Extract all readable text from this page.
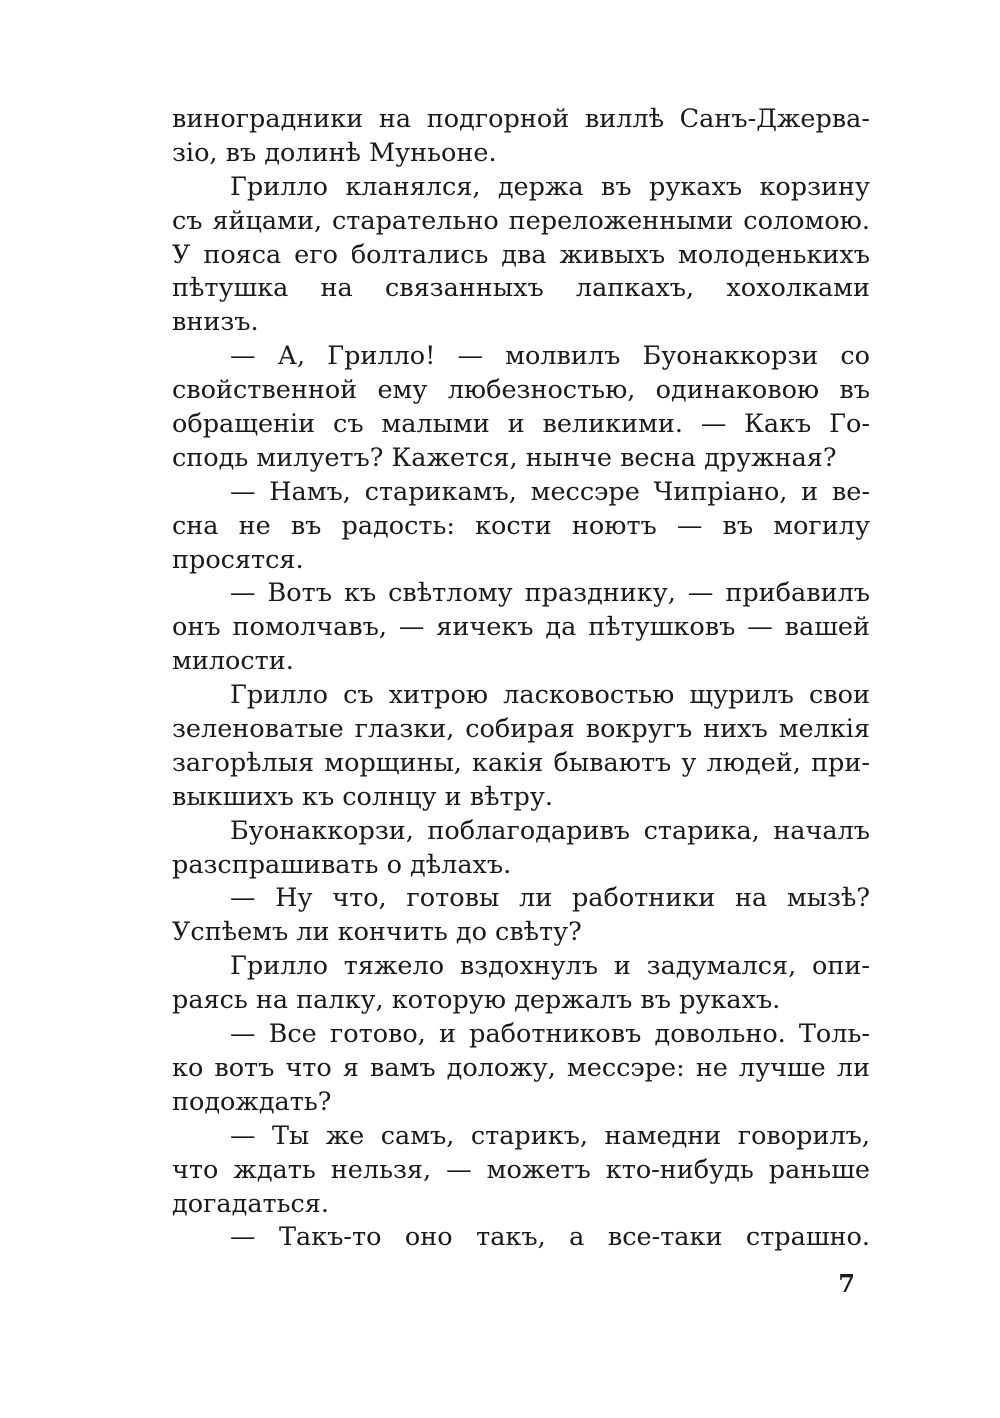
виноградники на подгорной виллѣ Санъ-Джерва-
зіо, въ долинѣ Муньоне.
Грилло кланялся, держа въ рукахъ корзину
съ яйцами, старательно переложенными соломою.
У пояса его болтались два живыхъ молоденькихъ
пѣтушка на связанныхъ лапкахъ, хохолками
внизъ.
— А, Грилло! — молвилъ Буонаккорзи со
свойственной ему любезностью, одинаковою въ
обращеніи съ малыми и великими. — Какъ Го-
сподь милуетъ? Кажется, нынче весна дружная?
— Намъ, старикамъ, мессэре Чипріано, и ве-
сна не въ радость: кости ноютъ — въ могилу
просятся.
— Вотъ къ свѣтлому празднику, — прибавилъ
онъ помолчавъ, — яичекъ да пѣтушковъ — вашей
милости.
Грилло съ хитрою ласковостью щурилъ свои
зеленоватые глазки, собирая вокругъ нихъ мелкія
загорѣлыя морщины, какія бываютъ у людей, при-
выкшихъ къ солнцу и вѣтру.
Буонаккорзи, поблагодаривъ старика, началъ
разспрашивать о дѣлахъ.
— Ну что, готовы ли работники на мызѣ?
Успѣемъ ли кончить до свѣту?
Грилло тяжело вздохнулъ и задумался, опи-
раясь на палку, которую держалъ въ рукахъ.
— Все готово, и работниковъ довольно. Толь-
ко вотъ что я вамъ доложу, мессэре: не лучше ли
подождать?
— Ты же самъ, старикъ, намедни говорилъ,
что ждать нельзя, — можетъ кто-нибудь раньше
догадаться.
— Такъ-то оно такъ, а все-таки страшно.
7
